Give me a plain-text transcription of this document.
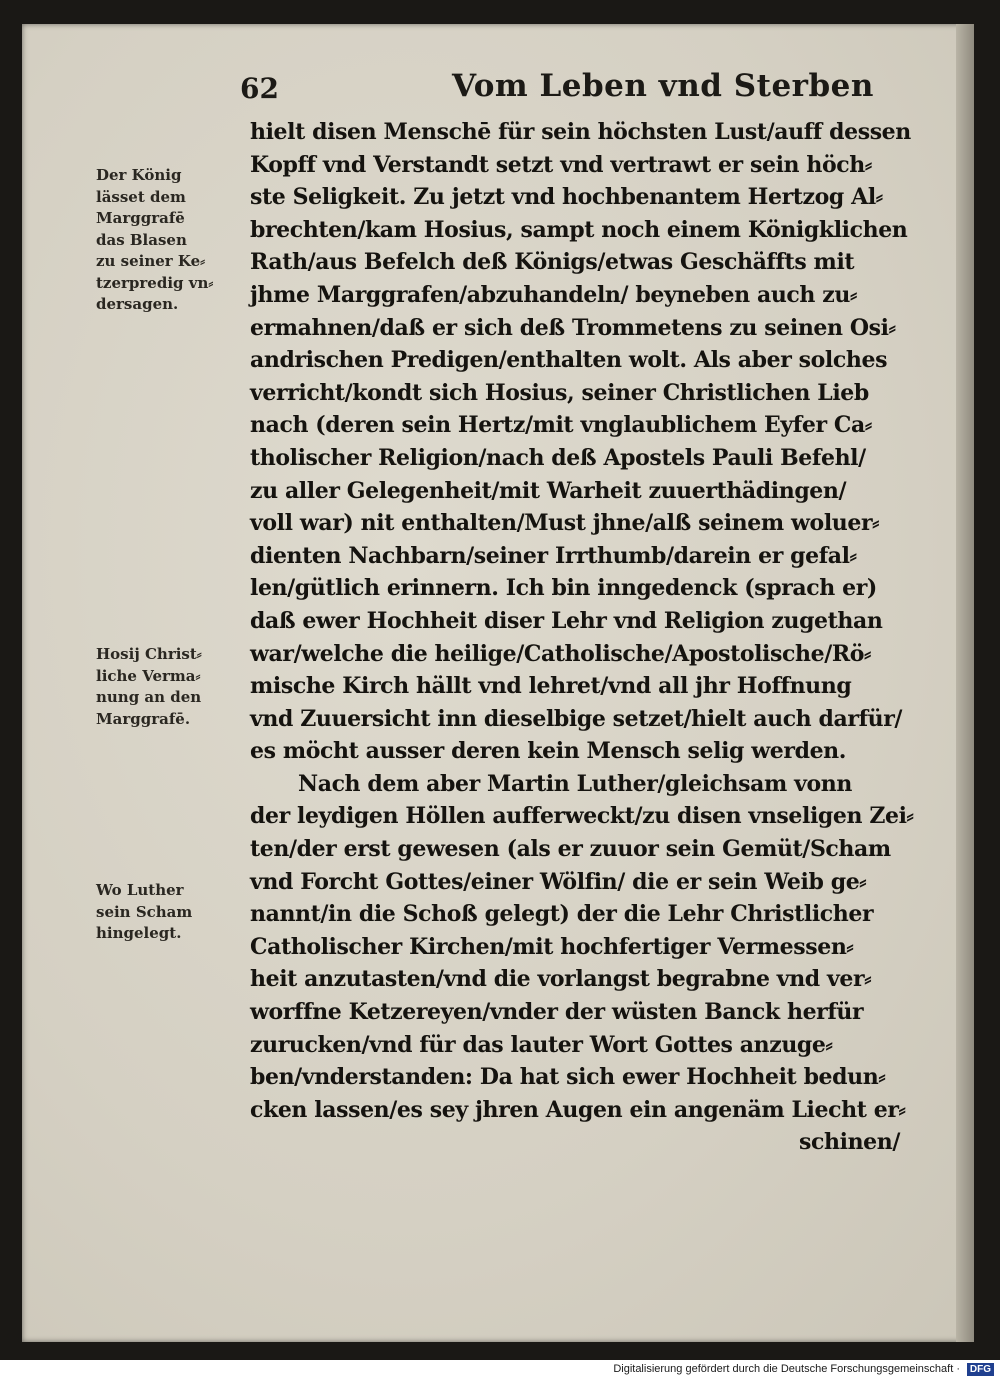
62	Vom Leben vnd Sterben
hielt disen Menschē für sein höchsten Lust/auff dessen
Kopff vnd Verstandt setzt vnd vertrawt er sein höch⸗
ste Seligkeit. Zu jetzt vnd hochbenantem Hertzog Al⸗
brechten/kam Hosius, sampt noch einem Königklichen
Rath/aus Befelch deß Königs/etwas Geschäffts mit
jhme Marggrafen/abzuhandeln/ beyneben auch zu⸗
ermahnen/daß er sich deß Trommetens zu seinen Osi⸗
andrischen Predigen/enthalten wolt. Als aber solches
verricht/kondt sich Hosius, seiner Christlichen Lieb
nach (deren sein Hertz/mit vnglaublichem Eyfer Ca⸗
tholischer Religion/nach deß Apostels Pauli Befehl/
zu aller Gelegenheit/mit Warheit zuuerthädingen/
voll war) nit enthalten/Must jhne/alß seinem woluer⸗
dienten Nachbarn/seiner Irrthumb/darein er gefal⸗
len/gütlich erinnern. Ich bin inngedenck (sprach er)
daß ewer Hochheit diser Lehr vnd Religion zugethan
war/welche die heilige/Catholische/Apostolische/Rö⸗
mische Kirch hällt vnd lehret/vnd all jhr Hoffnung
vnd Zuuersicht inn dieselbige setzet/hielt auch darfür/
es möcht ausser deren kein Mensch selig werden.
Nach dem aber Martin Luther/gleichsam vonn
der leydigen Höllen aufferweckt/zu disen vnseligen Zei⸗
ten/der erst gewesen (als er zuuor sein Gemüt/Scham
vnd Forcht Gottes/einer Wölfin/ die er sein Weib ge⸗
nannt/in die Schoß gelegt) der die Lehr Christlicher
Catholischer Kirchen/mit hochfertiger Vermessen⸗
heit anzutasten/vnd die vorlangst begrabne vnd ver⸗
worffne Ketzereyen/vnder der wüsten Banck herfür
zurucken/vnd für das lauter Wort Gottes anzuge⸗
ben/vnderstanden: Da hat sich ewer Hochheit bedun⸗
cken lassen/es sey jhren Augen ein angenäm Liecht er⸗
schinen/
Der König
lässet dem
Marggrafē
das Blasen
zu seiner Ke⸗
tzerpredig vn⸗
dersagen.
Hosij Christ⸗
liche Verma⸗
nung an den
Marggrafē.
Wo Luther
sein Scham
hingelegt.
Digitalisierung gefördert durch die Deutsche Forschungsgemeinschaft · DFG
